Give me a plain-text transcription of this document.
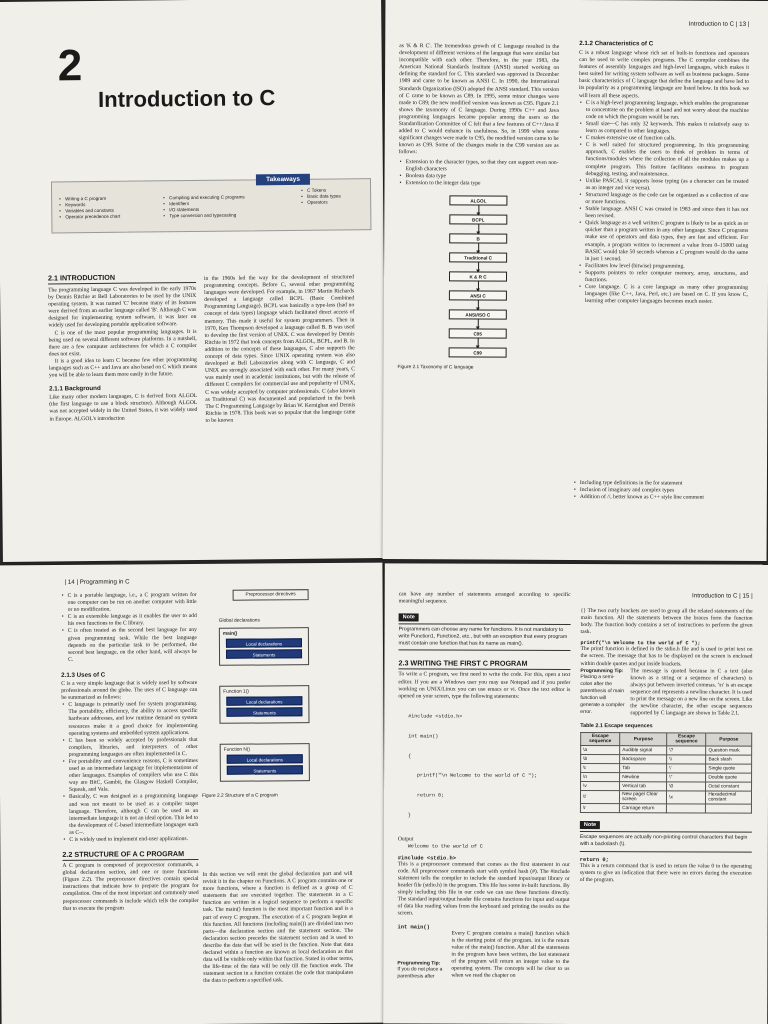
2
Introduction to C
Takeaways
• Writing a C program
• Keywords
• Variables and constants
• Operator precedence chart
• Compiling and executing C programs
• Identifiers
• I/O statements
• Type conversion and typecasting
• C Tokens
• Basic data types
• Operators
2.1 INTRODUCTION

The programming language C was developed in the early 1970s by Dennis Ritchie at Bell Laboratories to be used by the UNIX operating system. It was named 'C' because many of its features were derived from an earlier language called 'B'. Although C was designed for implementing system software, it was later on widely used for developing portable application software.

C is one of the most popular programming languages. It is being used on several different software platforms. In a nutshell, there are a few computer architectures for which a C compiler does not exist.

It is a good idea to learn C because few other programming languages such as C++ and Java are also based on C which means you will be able to learn them more easily in the future.

2.1.1 Background

Like many other modern languages, C is derived from ALGOL (the first language to use a block structure). Although ALGOL was not accepted widely in the United States, it was widely used in Europe. ALGOL's introduction

in the 1960s led the way for the development of structured programming concepts. Before C, several other programming languages were developed. For example, in 1967 Martin Richards developed a language called BCPL (Basic Combined Programming Language). BCPL was basically a type-less (had no concept of data types) language which facilitated direct access of memory. This made it useful for system programmers. Then in 1970, Ken Thompson developed a language called B. B was used to develop the first version of UNIX. C was developed by Dennis Ritchie in 1972 that took concepts from ALGOL, BCPL, and B. In addition to the concepts of these languages, C also supports the concept of data types. Since UNIX operating system was also developed at Bell Laboratories along with C language, C and UNIX are strongly associated with each other. For many years, C was mainly used in academic institutions, but with the release of different C compilers for commercial use and popularity of UNIX, C was widely accepted by computer professionals. C (also known as Traditional C) was documented and popularized in the book The C Programming Language by Brian W. Kernighan and Dennis Ritchie in 1978. This book was so popular that the language came to be known

Introduction to C | 13 |

as 'K & R C'. The tremendous growth of C language resulted in the development of different versions of the language that were similar but incompatible with each other. Therefore, in the year 1983, the American National Standards Institute (ANSI) started working on defining the standard for C. This standard was approved in December 1989 and came to be known as ANSI C. In 1990, the International Standards Organization (ISO) adopted the ANSI standard. This version of C came to be known as C89. In 1995, some minor changes were made to C89; the new modified version was known as C95. Figure 2.1 shows the taxonomy of C language. During 1990s C++ and Java programming languages became popular among the users so the Standardization Committee of C felt that a few features of C++/Java if added to C would enhance its usefulness. So, in 1999 when some significant changes were made to C95, the modified version came to be known as C99. Some of the changes made in the C99 version are as follows:

• Extension to the character types, so that they can support even non-English characters
• Boolean data type
• Extension to the integer data type
ALGOL
BCPL
B
Traditional C
K & R C
ANSI C
ANSI/ISO C
C95
C99
Figure 2.1 Taxonomy of C language
• Including type definitions in the for statement
• Inclusion of imaginary and complex types
• Addition of //, better known as C++ style line comment
2.1.2 Characteristics of C

C is a robust language whose rich set of built-in functions and operators can be used to write complex programs. The C compiler combines the features of assembly languages and high-level languages, which makes it best suited for writing system software as well as business packages. Some basic characteristics of C language that define the language and have led to its popularity as a programming language are listed below. In this book we will learn all these aspects.

• C is a high-level programming language, which enables the programmer to concentrate on the problem at hand and not worry about the machine code on which the program would be run.
• Small size—C has only 32 keywords. This makes it relatively easy to learn as compared to other languages.
• C makes extensive use of function calls.
• C is well suited for structured programming. In this programming approach, C enables the users to think of problem in terms of functions/modules where the collection of all the modules makes up a complete program. This feature facilitates easiness in program debugging, testing, and maintenance.
• Unlike PASCAL it supports loose typing (as a character can be treated as an integer and vice versa).
• Structured language as the code can be organized as a collection of one or more functions.
• Stable language. ANSI C was created in 1983 and since then it has not been revised.
• Quick language as a well written C program is likely to be as quick as or quicker than a program written in any other language. Since C programs make use of operators and data types, they are fast and efficient. For example, a program written to increment a value from 0–15000 using BASIC would take 50 seconds whereas a C program would do the same in just 1 second.
• Facilitates low level (bitwise) programming.
• Supports pointers to refer computer memory, array, structures, and functions.
• Core language. C is a core language as many other programming languages (like C++, Java, Perl, etc.) are based on C. If you know C, learning other computer languages becomes much easier.
| 14 | Programming in C
• C is a portable language, i.e., a C program written for one computer can be run on another computer with little or no modification.
• C is an extensible language as it enables the user to add his own functions to the C library.
• C is often treated as the second best language for any given programming task. While the best language depends on the particular task to be performed, the second best language, on the other hand, will always be C.
2.1.3 Uses of C

C is a very simple language that is widely used by software professionals around the globe. The uses of C language can be summarized as follows:

• C language is primarily used for system programming. The portability, efficiency, the ability to access specific hardware addresses, and low runtime demand on system resources make it a good choice for implementing operating systems and embedded system applications.
• C has been so widely accepted by professionals that compilers, libraries, and interpreters of other programming languages are often implemented in C.
• For portability and convenience reasons, C is sometimes used as an intermediate language for implementations of other languages. Examples of compilers who use C this way are BitC, Gambit, the Glasgow Haskell Compiler, Squeak, and Vala.
• Basically, C was designed as a programming language and was not meant to be used as a compiler target language. Therefore, although C can be used as an intermediate language it is not an ideal option. This led to the development of C-based intermediate languages such as C--.
• C is widely used to implement end-user applications.
2.2 STRUCTURE OF A C PROGRAM

A C program is composed of preprocessor commands, a global declaration section, and one or more functions (Figure 2.2). The preprocessor directives contain special instructions that indicate how to prepare the program for compilation. One of the most important and commonly used preprocessor commands is include which tells the compiler that to execute the program

Preprocessor directives
Global declarations
main()
Local declarations
Statements
Function 1()
Local declarations
Statements
Function N()
Local declarations
Statements
Figure 2.2 Structure of a C program

In this section we will omit the global declaration part and will revisit it in the chapter on Functions. A C program contains one or more functions, where a function is defined as a group of C statements that are executed together. The statements in a C function are written in a logical sequence to perform a specific task. The main() function is the most important function and is a part of every C program. The execution of a C program begins at this function. All functions (including main()) are divided into two parts—the declaration section and the statement section. The declaration section precedes the statement section and is used to describe the data that will be used in the function. Note that data declared within a function are known as local declaration as that data will be visible only within that function. Stated in other terms, the life-time of the data will be only till the function ends. The statement section in a function contains the code that manipulates the data to perform a specified task.

Introduction to C | 15 |

can have any number of statements arranged according to specific meaningful sequence.

Note

Programmers can choose any name for functions. It is not mandatory to write Function1, Function2, etc., but with an exception that every program must contain one function that has its name as main().

2.3 WRITING THE FIRST C PROGRAM

To write a C program, we first need to write the code. For this, open a text editor. If you are a Windows user you may use Notepad and if you prefer working on UNIX/Linux you can use emacs or vi. Once the text editor is opened on your screen, type the following statements:

#include <stdio.h>

int main()

{

printf("\n Welcome to the world of C ");

return 0;

}

Output
Welcome to the world of C
#include <stdio.h>

This is a preprocessor command that comes as the first statement in our code. All preprocessor commands start with symbol hash (#). The #include statement tells the compiler to include the standard input/output library or header file (stdio.h) in the program. This file has some in-built functions. By simply including this file in our code we can use these functions directly. The standard input/output header file contains functions for input and output of data like reading values from the keyboard and printing the results on the screen.

int main()
Programming Tip:
If you do not place a parenthesis after

Every C program contains a main() function which is the starting point of the program. int is the return value of the main() function. After all the statements in the program have been written, the last statement of the program will return an integer value to the operating system. The concepts will be clear to us when we read the chapter on

{} The two curly brackets are used to group all the related statements of the main function. All the statements between the braces form the function body. The function body contains a set of instructions to perform the given task.

printf("\n Welcome to the world of C ");

The printf function is defined in the stdio.h file and is used to print text on the screen. The message that has to be displayed on the screen is enclosed within double quotes and put inside brackets.

Programming Tip:
Placing a semi-colon after the parenthesis of main function will generate a compiler error.

The message is quoted because in C a text (also known as a string or a sequence of characters) is always put between inverted commas. '\n' is an escape sequence and represents a newline character. It is used to print the message on a new line on the screen. Like the newline character, the other escape sequences supported by C language are shown in Table 2.1.

Table 2.1 Escape sequences
Escape sequence	Purpose	Escape sequence	Purpose
\a	Audible signal	\?	Question mark
\b	Backspace	\\	Back slash
\t	Tab	\'	Single quote
\n	Newline	\"	Double quote
\v	Vertical tab	\0	Octal constant
\f	New page\ Clear screen	\x	Hexadecimal constant
\r	Carriage return		
Note

Escape sequences are actually non-printing control characters that begin with a backslash (\).

return 0;

This is a return command that is used to return the value 0 to the operating system to give an indication that there were no errors during the execution of the program.
